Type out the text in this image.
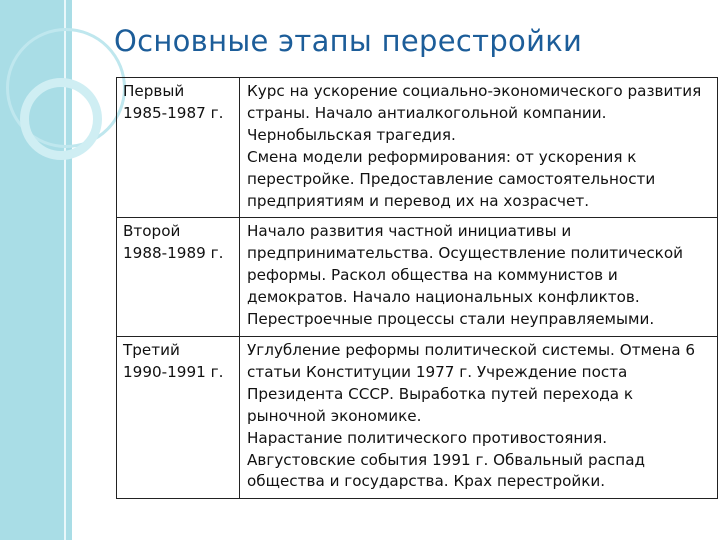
Основные этапы перестройки
Первый
1985-1987 г.	Курс на ускорение социально-экономического развития страны. Начало антиалкогольной компании. Чернобыльская трагедия.
Смена модели реформирования: от ускорения к перестройке. Предоставление самостоятельности предприятиям и перевод их на хозрасчет.

Второй
1988-1989 г.	Начало развития частной инициативы и предпринимательства. Осуществление политической реформы. Раскол общества на коммунистов и демократов. Начало национальных конфликтов. Перестроечные процессы стали неуправляемыми.

Третий
1990-1991 г.	Углубление реформы политической системы. Отмена 6 статьи Конституции 1977 г. Учреждение поста Президента СССР. Выработка путей перехода к рыночной экономике.
Нарастание политического противостояния. Августовские события 1991 г. Обвальный распад общества и государства. Крах перестройки.
